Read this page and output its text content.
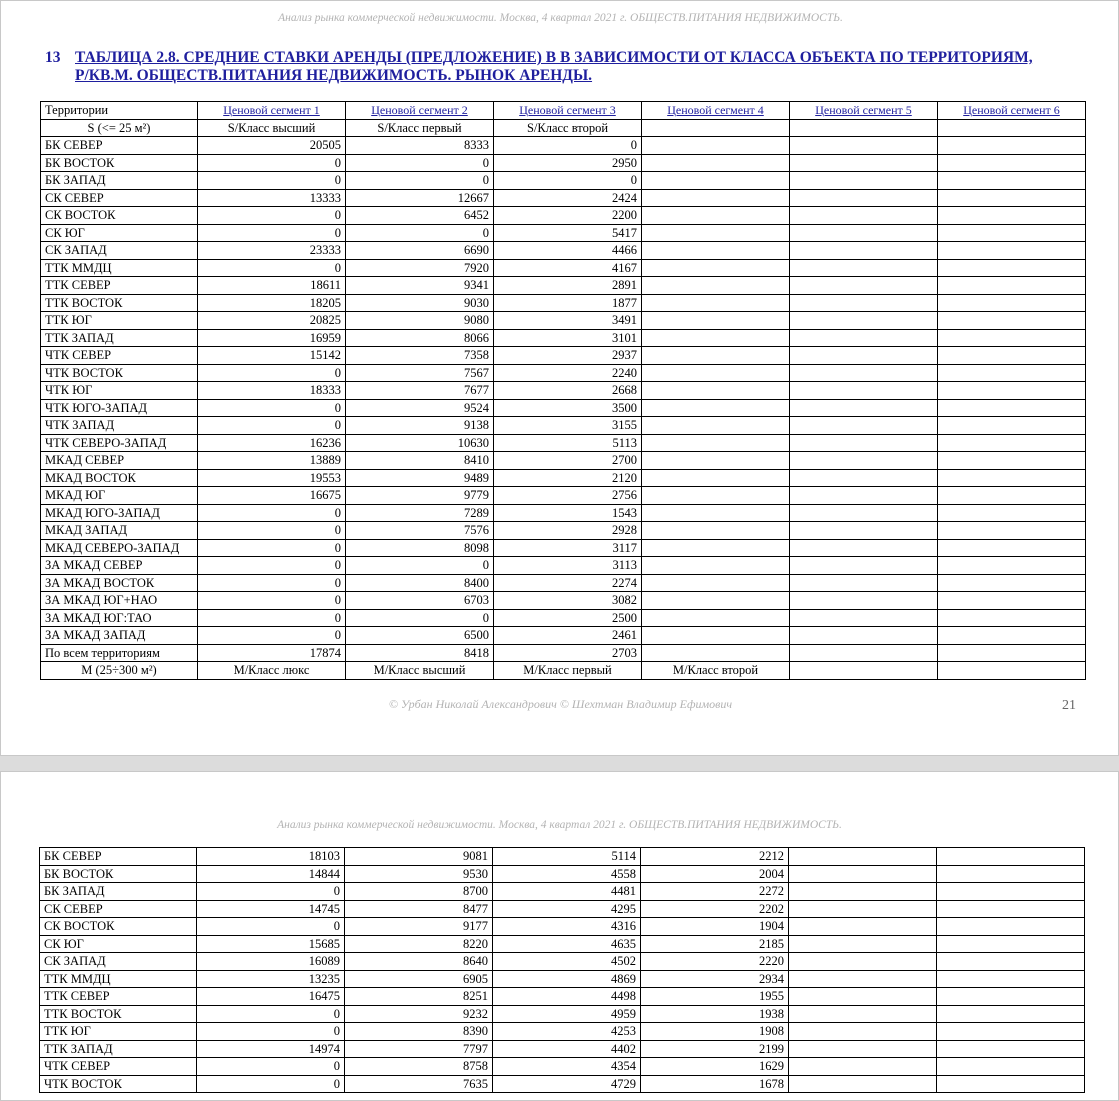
Анализ рынка коммерческой недвижимости. Москва, 4 квартал 2021 г. ОБЩЕСТВ.ПИТАНИЯ НЕДВИЖИМОСТЬ.
13 ТАБЛИЦА 2.8. СРЕДНИЕ СТАВКИ АРЕНДЫ (ПРЕДЛОЖЕНИЕ) В В ЗАВИСИМОСТИ ОТ КЛАССА ОБЪЕКТА ПО ТЕРРИТОРИЯМ,
Р/КВ.М. ОБЩЕСТВ.ПИТАНИЯ НЕДВИЖИМОСТЬ. РЫНОК АРЕНДЫ.
Территории	Ценовой сегмент 1	Ценовой сегмент 2	Ценовой сегмент 3	Ценовой сегмент 4	Ценовой сегмент 5	Ценовой сегмент 6
S (<= 25 м²)	S/Класс высший	S/Класс первый	S/Класс второй			
БК СЕВЕР	20505	8333	0			
БК ВОСТОК	0	0	2950			
БК ЗАПАД	0	0	0			
СК СЕВЕР	13333	12667	2424			
СК ВОСТОК	0	6452	2200			
СК ЮГ	0	0	5417			
СК ЗАПАД	23333	6690	4466			
ТТК ММДЦ	0	7920	4167			
ТТК СЕВЕР	18611	9341	2891			
ТТК ВОСТОК	18205	9030	1877			
ТТК ЮГ	20825	9080	3491			
ТТК ЗАПАД	16959	8066	3101			
ЧТК СЕВЕР	15142	7358	2937			
ЧТК ВОСТОК	0	7567	2240			
ЧТК ЮГ	18333	7677	2668			
ЧТК ЮГО-ЗАПАД	0	9524	3500			
ЧТК ЗАПАД	0	9138	3155			
ЧТК СЕВЕРО-ЗАПАД	16236	10630	5113			
МКАД СЕВЕР	13889	8410	2700			
МКАД ВОСТОК	19553	9489	2120			
МКАД ЮГ	16675	9779	2756			
МКАД ЮГО-ЗАПАД	0	7289	1543			
МКАД ЗАПАД	0	7576	2928			
МКАД СЕВЕРО-ЗАПАД	0	8098	3117			
ЗА МКАД СЕВЕР	0	0	3113			
ЗА МКАД ВОСТОК	0	8400	2274			
ЗА МКАД ЮГ+НАО	0	6703	3082			
ЗА МКАД ЮГ:ТАО	0	0	2500			
ЗА МКАД ЗАПАД	0	6500	2461			
По всем территориям	17874	8418	2703			
M (25÷300 м²)	M/Класс люкс	M/Класс высший	M/Класс первый	M/Класс второй		
© Урбан Николай Александрович © Шехтман Владимир Ефимович	21
Анализ рынка коммерческой недвижимости. Москва, 4 квартал 2021 г. ОБЩЕСТВ.ПИТАНИЯ НЕДВИЖИМОСТЬ.
БК СЕВЕР	18103	9081	5114	2212		
БК ВОСТОК	14844	9530	4558	2004		
БК ЗАПАД	0	8700	4481	2272		
СК СЕВЕР	14745	8477	4295	2202		
СК ВОСТОК	0	9177	4316	1904		
СК ЮГ	15685	8220	4635	2185		
СК ЗАПАД	16089	8640	4502	2220		
ТТК ММДЦ	13235	6905	4869	2934		
ТТК СЕВЕР	16475	8251	4498	1955		
ТТК ВОСТОК	0	9232	4959	1938		
ТТК ЮГ	0	8390	4253	1908		
ТТК ЗАПАД	14974	7797	4402	2199		
ЧТК СЕВЕР	0	8758	4354	1629		
ЧТК ВОСТОК	0	7635	4729	1678		
